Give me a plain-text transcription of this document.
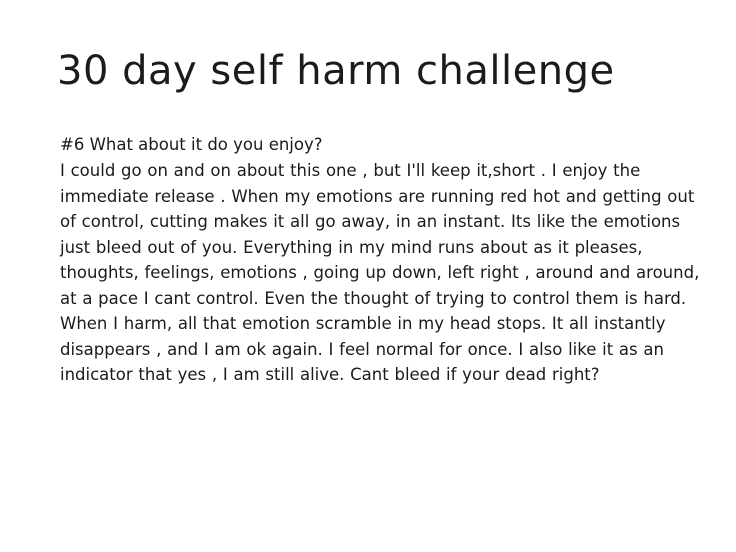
30 day self harm challenge

#6 What about it do you enjoy?

I could go on and on about this one , but I'll keep it,short . I enjoy the immediate release . When my emotions are running red hot and getting out of control, cutting makes it all go away, in an instant. Its like the emotions just bleed out of you. Everything in my mind runs about as it pleases, thoughts, feelings, emotions , going up down, left right , around and around, at a pace I cant control. Even the thought of trying to control them is hard. When I harm, all that emotion scramble in my head stops. It all instantly disappears , and I am ok again. I feel normal for once. I also like it as an indicator that yes , I am still alive. Cant bleed if your dead right?
